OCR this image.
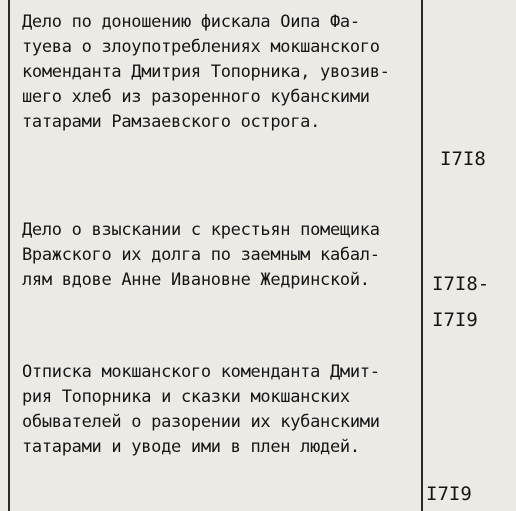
Дело по доношению фискала Оипа Фа-
туева о злоупотреблениях мокшанского
коменданта Дмитрия Топорника, увозив-
шего хлеб из разоренного кубанскими
татарами Рамзаевского острога.
I7I8
Дело о взыскании с крестьян помещика
Вражского их долга по заемным кабал-
лям вдове Анне Ивановне Жедринской.	I7I8-
I7I9
Отписка мокшанского коменданта Дмит-
рия Топорника и сказки мокшанских
обывателей о разорении их кубанскими
татарами и уводе ими в плен людей.
I7I9
